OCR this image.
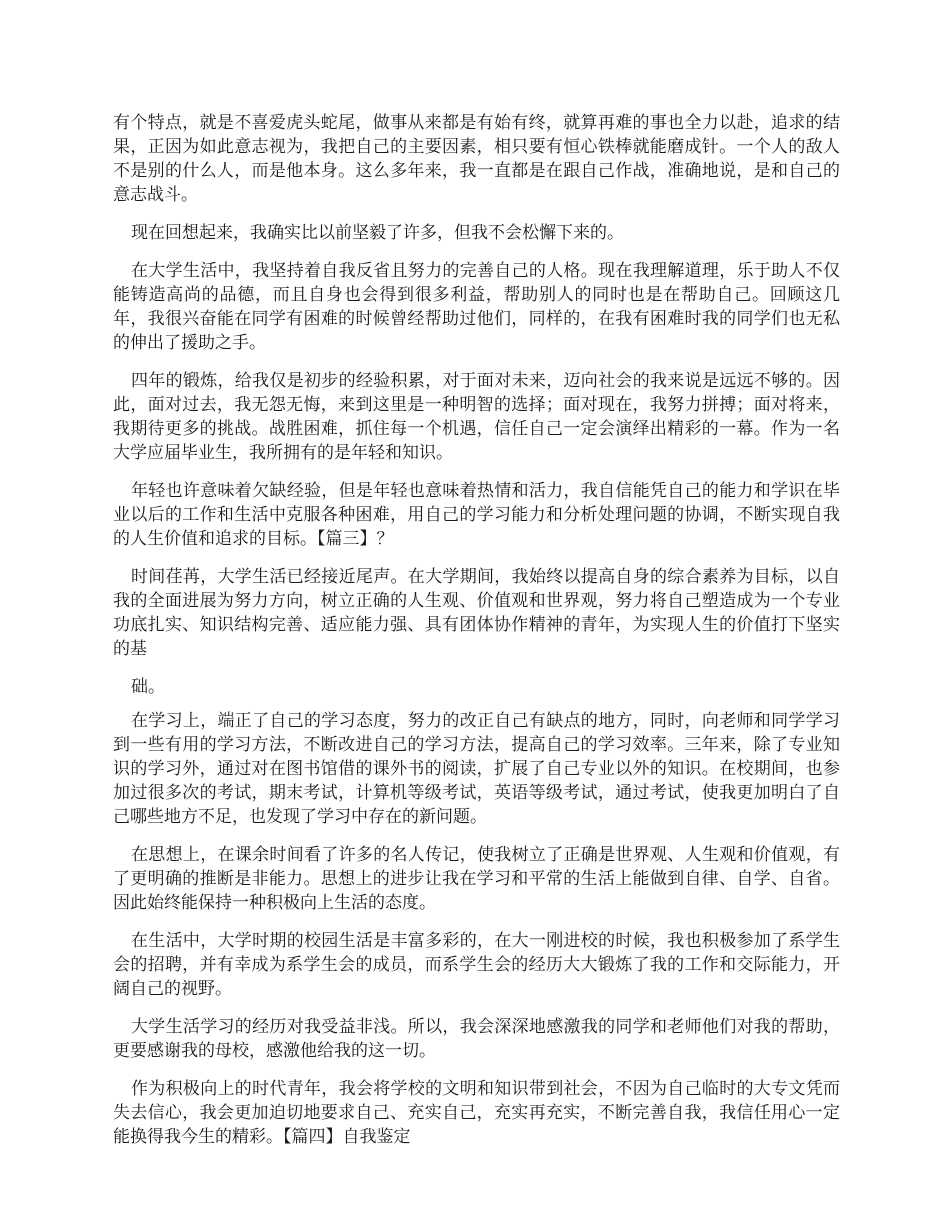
有个特点，就是不喜爱虎头蛇尾，做事从来都是有始有终，就算再难的事也全力以赴，追求的结果，正因为如此意志视为，我把自己的主要因素，相只要有恒心铁棒就能磨成针。一个人的敌人不是别的什么人，而是他本身。这么多年来，我一直都是在跟自己作战，准确地说，是和自己的意志战斗。

现在回想起来，我确实比以前坚毅了许多，但我不会松懈下来的。

在大学生活中，我坚持着自我反省且努力的完善自己的人格。现在我理解道理，乐于助人不仅能铸造高尚的品德，而且自身也会得到很多利益，帮助别人的同时也是在帮助自己。回顾这几年，我很兴奋能在同学有困难的时候曾经帮助过他们，同样的，在我有困难时我的同学们也无私的伸出了援助之手。

四年的锻炼，给我仅是初步的经验积累，对于面对未来，迈向社会的我来说是远远不够的。因此，面对过去，我无怨无悔，来到这里是一种明智的选择；面对现在，我努力拼搏；面对将来，我期待更多的挑战。战胜困难，抓住每一个机遇，信任自己一定会演绎出精彩的一幕。作为一名大学应届毕业生，我所拥有的是年轻和知识。

年轻也许意味着欠缺经验，但是年轻也意味着热情和活力，我自信能凭自己的能力和学识在毕业以后的工作和生活中克服各种困难，用自己的学习能力和分析处理问题的协调，不断实现自我的人生价值和追求的目标。【篇三】？

时间荏苒，大学生活已经接近尾声。在大学期间，我始终以提高自身的综合素养为目标，以自我的全面进展为努力方向，树立正确的人生观、价值观和世界观，努力将自己塑造成为一个专业功底扎实、知识结构完善、适应能力强、具有团体协作精神的青年，为实现人生的价值打下坚实的基

础。

在学习上，端正了自己的学习态度，努力的改正自己有缺点的地方，同时，向老师和同学学习到一些有用的学习方法，不断改进自己的学习方法，提高自己的学习效率。三年来，除了专业知识的学习外，通过对在图书馆借的课外书的阅读，扩展了自己专业以外的知识。在校期间，也参加过很多次的考试，期末考试，计算机等级考试，英语等级考试，通过考试，使我更加明白了自己哪些地方不足，也发现了学习中存在的新问题。

在思想上，在课余时间看了许多的名人传记，使我树立了正确是世界观、人生观和价值观，有了更明确的推断是非能力。思想上的进步让我在学习和平常的生活上能做到自律、自学、自省。因此始终能保持一种积极向上生活的态度。

在生活中，大学时期的校园生活是丰富多彩的，在大一刚进校的时候，我也积极参加了系学生会的招聘，并有幸成为系学生会的成员，而系学生会的经历大大锻炼了我的工作和交际能力，开阔自己的视野。

大学生活学习的经历对我受益非浅。所以，我会深深地感激我的同学和老师他们对我的帮助，更要感谢我的母校，感激他给我的这一切。

作为积极向上的时代青年，我会将学校的文明和知识带到社会，不因为自己临时的大专文凭而失去信心，我会更加迫切地要求自己、充实自己，充实再充实，不断完善自我，我信任用心一定能换得我今生的精彩。【篇四】自我鉴定
